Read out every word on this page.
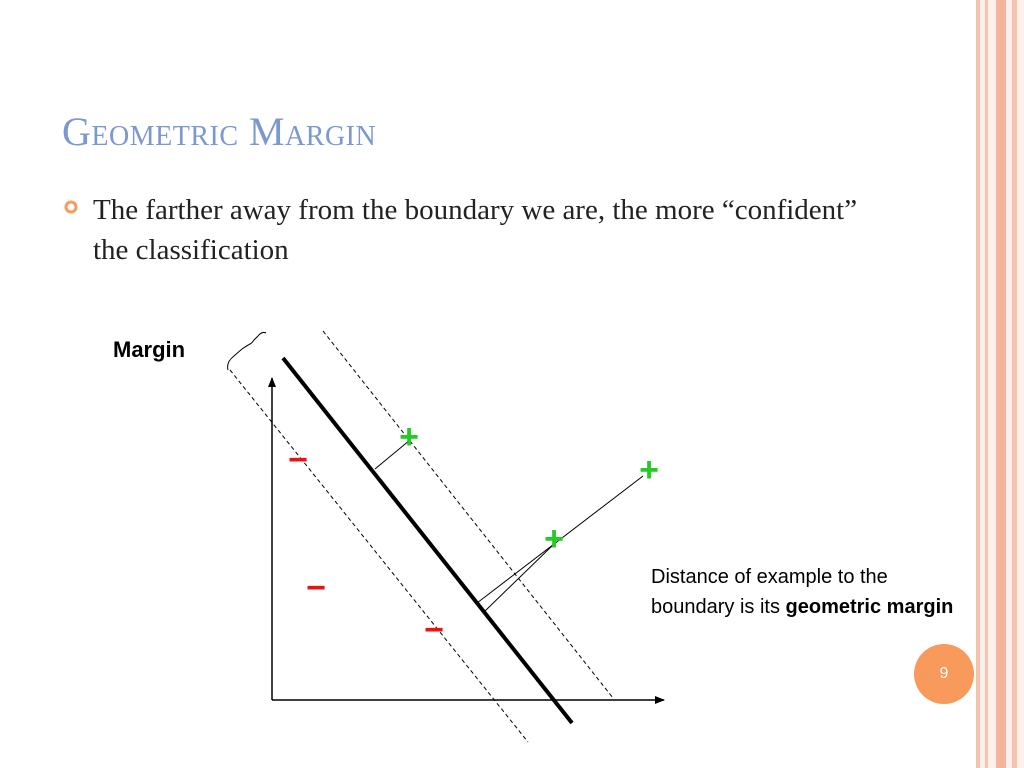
Geometric Margin
The farther away from the boundary we are, the more “confident” the classification
Margin
+
+
+
−
−
−
Distance of example to the boundary is its geometric margin
9
